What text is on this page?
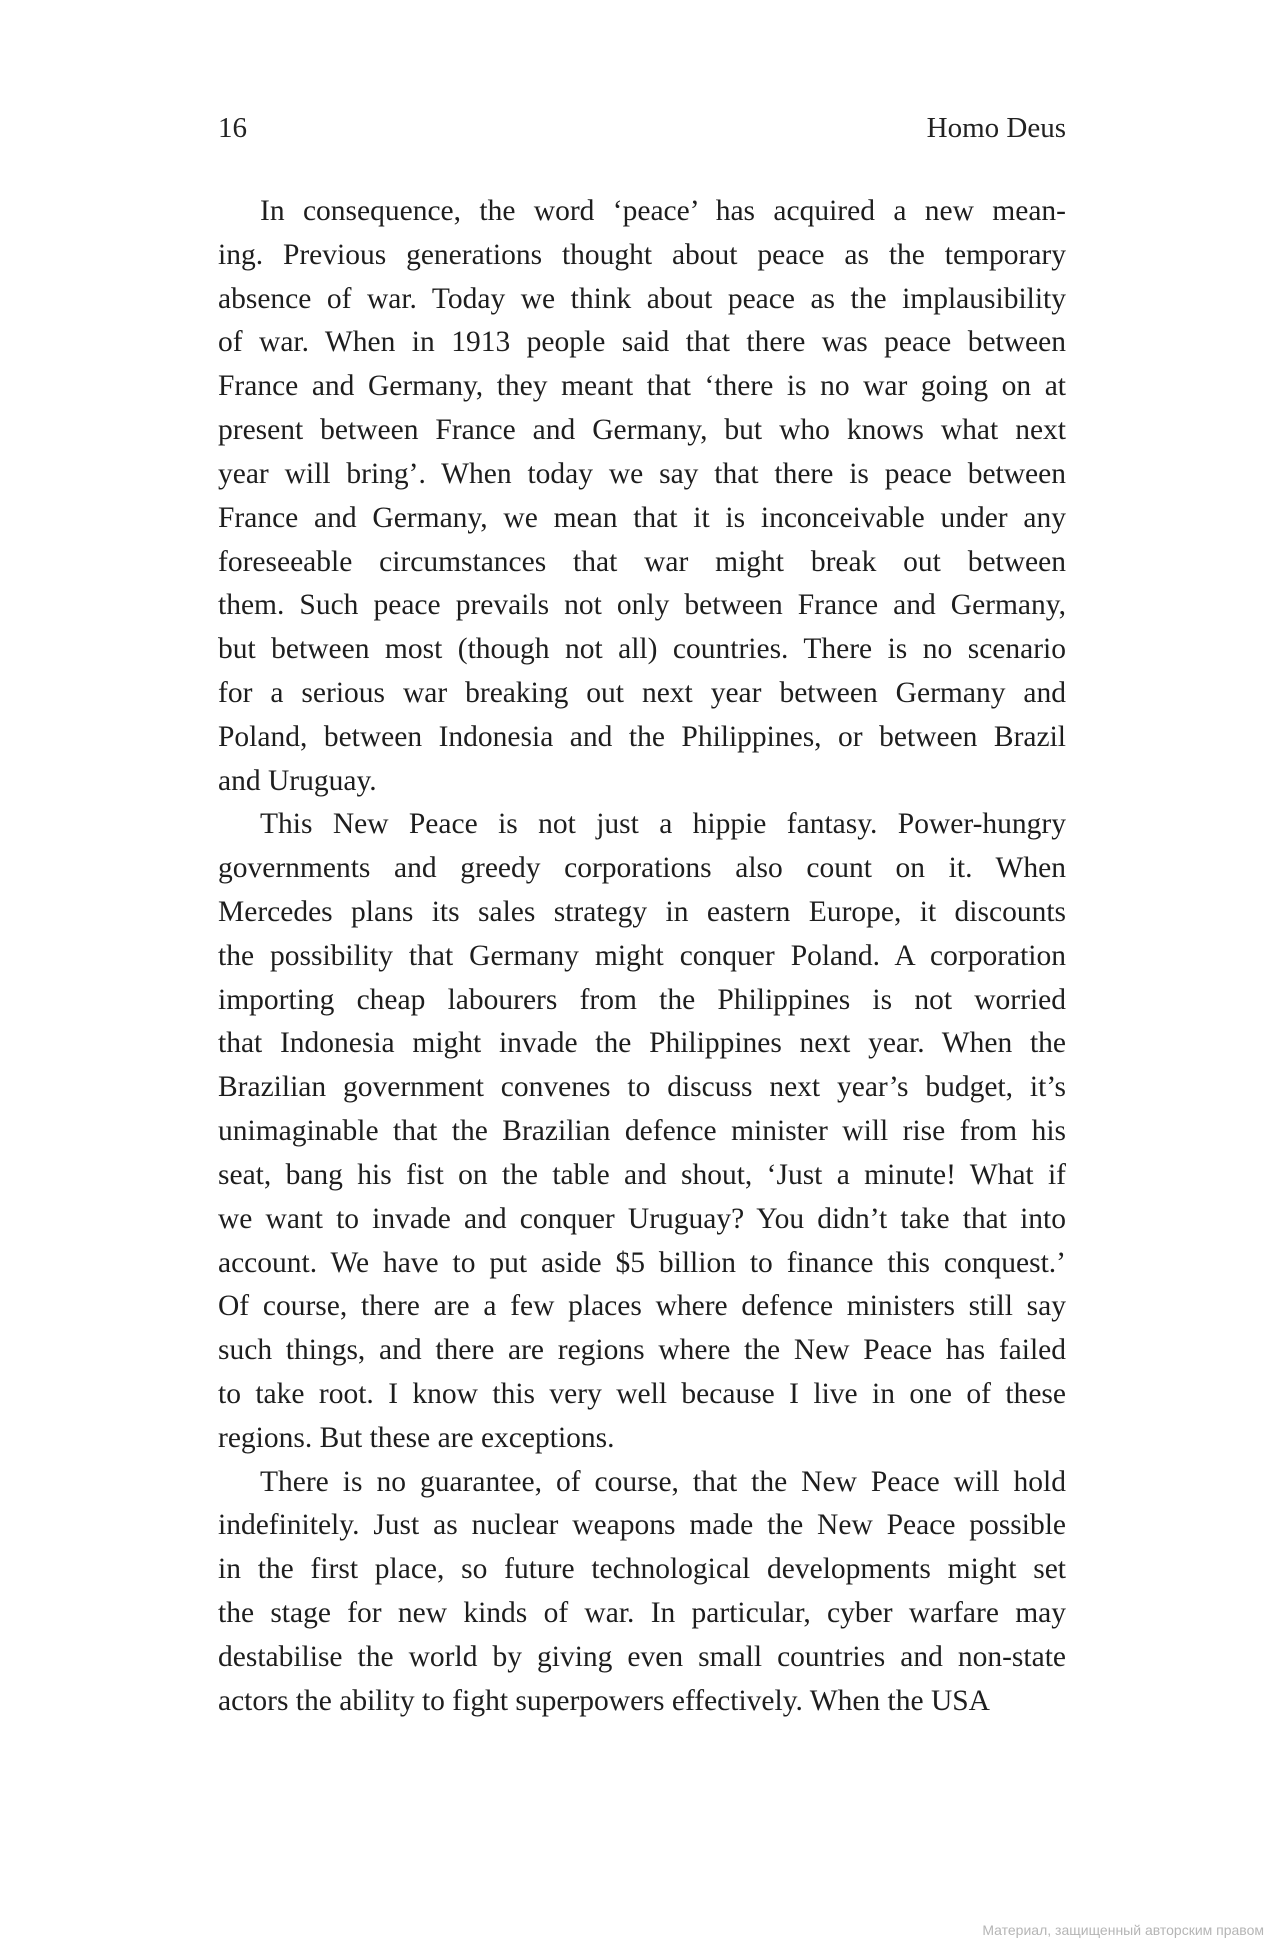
16	Homo Deus
In consequence, the word ‘peace’ has acquired a new mean-
ing. Previous generations thought about peace as the temporary
absence of war. Today we think about peace as the implausibility
of war. When in 1913 people said that there was peace between
France and Germany, they meant that ‘there is no war going on at
present between France and Germany, but who knows what next
year will bring’. When today we say that there is peace between
France and Germany, we mean that it is inconceivable under any
foreseeable circumstances that war might break out between
them. Such peace prevails not only between France and Germany,
but between most (though not all) countries. There is no scenario
for a serious war breaking out next year between Germany and
Poland, between Indonesia and the Philippines, or between Brazil
and Uruguay.
This New Peace is not just a hippie fantasy. Power-hungry
governments and greedy corporations also count on it. When
Mercedes plans its sales strategy in eastern Europe, it discounts
the possibility that Germany might conquer Poland. A corporation
importing cheap labourers from the Philippines is not worried
that Indonesia might invade the Philippines next year. When the
Brazilian government convenes to discuss next year’s budget, it’s
unimaginable that the Brazilian defence minister will rise from his
seat, bang his fist on the table and shout, ‘Just a minute! What if
we want to invade and conquer Uruguay? You didn’t take that into
account. We have to put aside $5 billion to finance this conquest.’
Of course, there are a few places where defence ministers still say
such things, and there are regions where the New Peace has failed
to take root. I know this very well because I live in one of these
regions. But these are exceptions.
There is no guarantee, of course, that the New Peace will hold
indefinitely. Just as nuclear weapons made the New Peace possible
in the first place, so future technological developments might set
the stage for new kinds of war. In particular, cyber warfare may
destabilise the world by giving even small countries and non-state
actors the ability to fight superpowers effectively. When the USA
Материал, защищенный авторским правом
